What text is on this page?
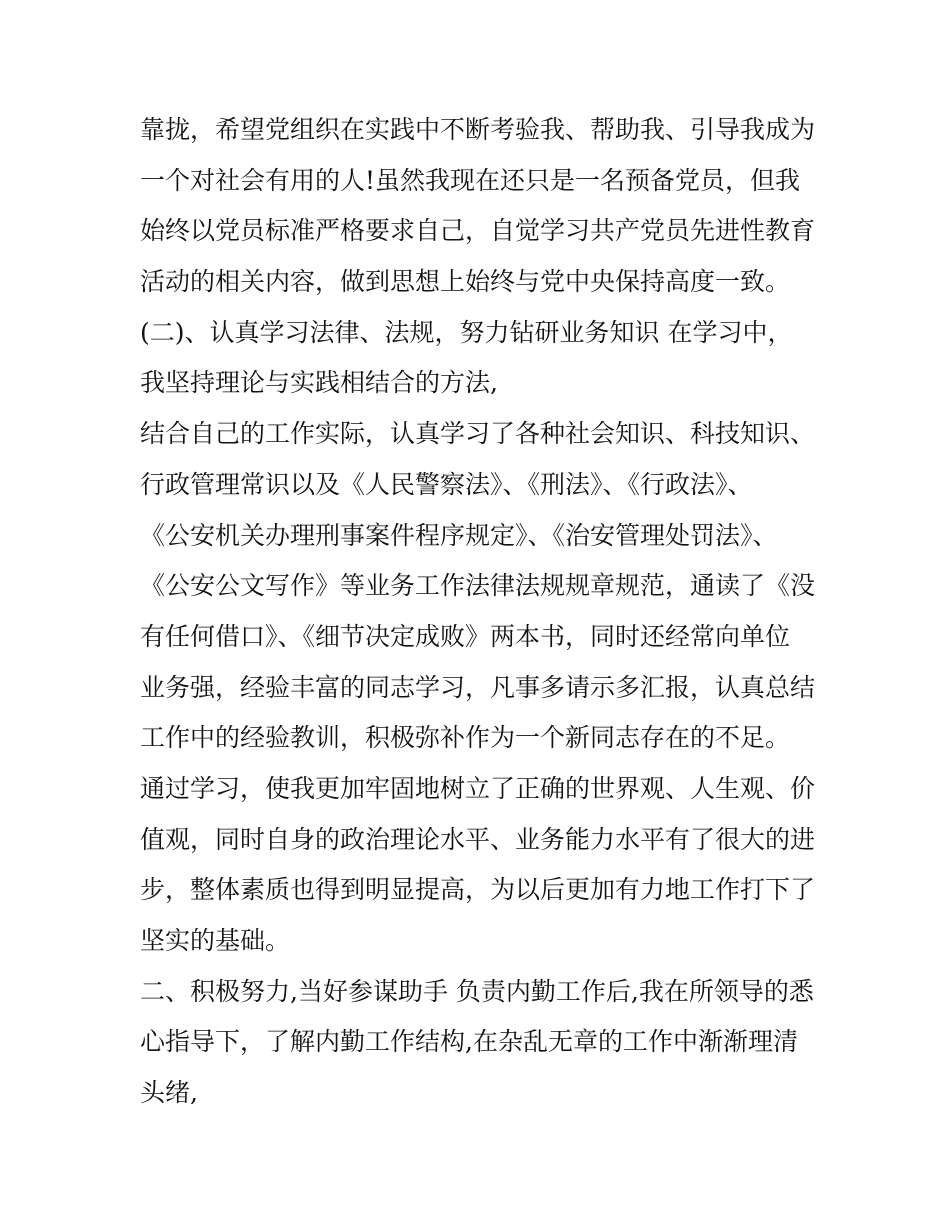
靠拢，希望党组织在实践中不断考验我、帮助我、引导我成为
一个对社会有用的人!虽然我现在还只是一名预备党员，但我
始终以党员标准严格要求自己，自觉学习共产党员先进性教育
活动的相关内容，做到思想上始终与党中央保持高度一致。
(二)、认真学习法律、法规，努力钻研业务知识 在学习中，
我坚持理论与实践相结合的方法,
结合自己的工作实际，认真学习了各种社会知识、科技知识、
行政管理常识以及《人民警察法》、《刑法》、《行政法》、
《公安机关办理刑事案件程序规定》、《治安管理处罚法》、
《公安公文写作》等业务工作法律法规规章规范，通读了《没
有任何借口》、《细节决定成败》两本书，同时还经常向单位
业务强，经验丰富的同志学习，凡事多请示多汇报，认真总结
工作中的经验教训，积极弥补作为一个新同志存在的不足。
通过学习，使我更加牢固地树立了正确的世界观、人生观、价
值观，同时自身的政治理论水平、业务能力水平有了很大的进
步，整体素质也得到明显提高，为以后更加有力地工作打下了
坚实的基础。
二、积极努力,当好参谋助手 负责内勤工作后,我在所领导的悉
心指导下，了解内勤工作结构,在杂乱无章的工作中渐渐理清
头绪,
